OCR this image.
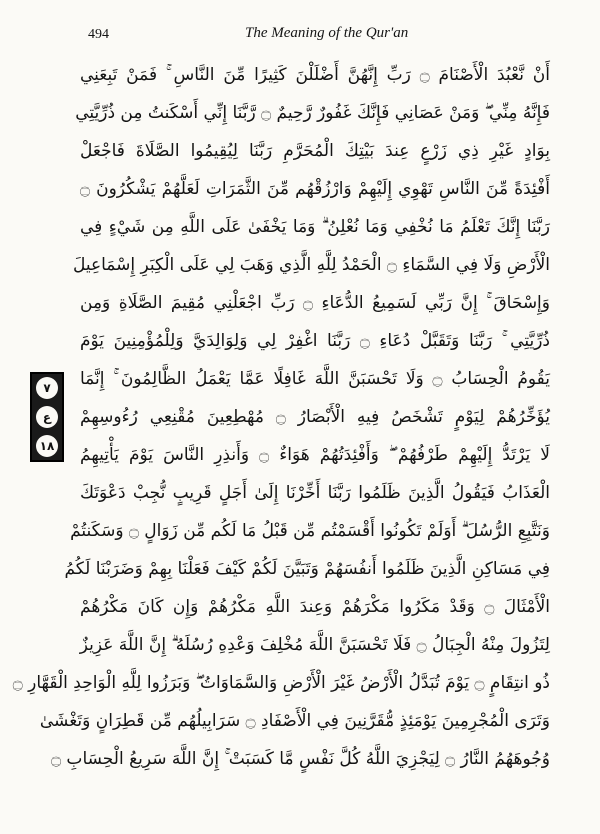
494	The Meaning of the Qur'an
٧
ع
١٨
أَنْ نَّعْبُدَ الْأَصْنَامَ ۝ رَبِّ إِنَّهُنَّ أَضْلَلْنَ كَثِيرًا مِّنَ النَّاسِ ۚ فَمَنْ تَبِعَنِي
فَإِنَّهُ مِنِّي ۖ وَمَنْ عَصَانِي فَإِنَّكَ غَفُورٌ رَّحِيمٌ ۝ رَّبَّنَا إِنِّي أَسْكَنتُ مِن ذُرِّيَّتِي
بِوَادٍ غَيْرِ ذِي زَرْعٍ عِندَ بَيْتِكَ الْمُحَرَّمِ رَبَّنَا لِيُقِيمُوا الصَّلَاةَ فَاجْعَلْ
أَفْئِدَةً مِّنَ النَّاسِ تَهْوِي إِلَيْهِمْ وَارْزُقْهُم مِّنَ الثَّمَرَاتِ لَعَلَّهُمْ يَشْكُرُونَ ۝
رَبَّنَا إِنَّكَ تَعْلَمُ مَا نُخْفِي وَمَا نُعْلِنُ ۗ وَمَا يَخْفَىٰ عَلَى اللَّهِ مِن شَيْءٍ فِي
الْأَرْضِ وَلَا فِي السَّمَاءِ ۝ الْحَمْدُ لِلَّهِ الَّذِي وَهَبَ لِي عَلَى الْكِبَرِ إِسْمَاعِيلَ
وَإِسْحَاقَ ۚ إِنَّ رَبِّي لَسَمِيعُ الدُّعَاءِ ۝ رَبِّ اجْعَلْنِي مُقِيمَ الصَّلَاةِ وَمِن
ذُرِّيَّتِي ۚ رَبَّنَا وَتَقَبَّلْ دُعَاءِ ۝ رَبَّنَا اغْفِرْ لِي وَلِوَالِدَيَّ وَلِلْمُؤْمِنِينَ يَوْمَ
يَقُومُ الْحِسَابُ ۝ وَلَا تَحْسَبَنَّ اللَّهَ غَافِلًا عَمَّا يَعْمَلُ الظَّالِمُونَ ۚ إِنَّمَا
يُؤَخِّرُهُمْ لِيَوْمٍ تَشْخَصُ فِيهِ الْأَبْصَارُ ۝ مُهْطِعِينَ مُقْنِعِي رُءُوسِهِمْ
لَا يَرْتَدُّ إِلَيْهِمْ طَرْفُهُمْ ۖ وَأَفْئِدَتُهُمْ هَوَاءٌ ۝ وَأَنذِرِ النَّاسَ يَوْمَ يَأْتِيهِمُ
الْعَذَابُ فَيَقُولُ الَّذِينَ ظَلَمُوا رَبَّنَا أَخِّرْنَا إِلَىٰ أَجَلٍ قَرِيبٍ نُّجِبْ دَعْوَتَكَ
وَنَتَّبِعِ الرُّسُلَ ۗ أَوَلَمْ تَكُونُوا أَقْسَمْتُم مِّن قَبْلُ مَا لَكُم مِّن زَوَالٍ ۝ وَسَكَنتُمْ
فِي مَسَاكِنِ الَّذِينَ ظَلَمُوا أَنفُسَهُمْ وَتَبَيَّنَ لَكُمْ كَيْفَ فَعَلْنَا بِهِمْ وَضَرَبْنَا لَكُمُ
الْأَمْثَالَ ۝ وَقَدْ مَكَرُوا مَكْرَهُمْ وَعِندَ اللَّهِ مَكْرُهُمْ وَإِن كَانَ مَكْرُهُمْ
لِتَزُولَ مِنْهُ الْجِبَالُ ۝ فَلَا تَحْسَبَنَّ اللَّهَ مُخْلِفَ وَعْدِهِ رُسُلَهُ ۗ إِنَّ اللَّهَ عَزِيزٌ
ذُو انتِقَامٍ ۝ يَوْمَ تُبَدَّلُ الْأَرْضُ غَيْرَ الْأَرْضِ وَالسَّمَاوَاتُ ۖ وَبَرَزُوا لِلَّهِ الْوَاحِدِ الْقَهَّارِ ۝
وَتَرَى الْمُجْرِمِينَ يَوْمَئِذٍ مُّقَرَّنِينَ فِي الْأَصْفَادِ ۝ سَرَابِيلُهُم مِّن قَطِرَانٍ وَتَغْشَىٰ
وُجُوهَهُمُ النَّارُ ۝ لِيَجْزِيَ اللَّهُ كُلَّ نَفْسٍ مَّا كَسَبَتْ ۚ إِنَّ اللَّهَ سَرِيعُ الْحِسَابِ ۝
